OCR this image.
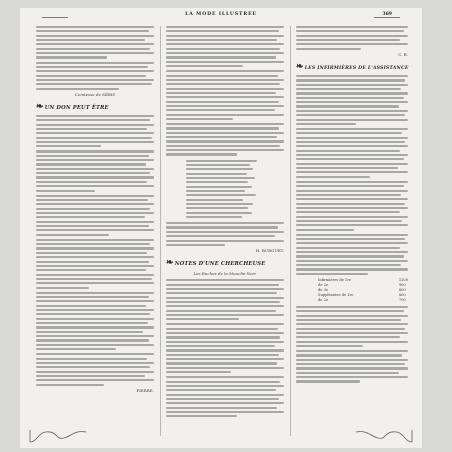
LA MODE ILLUSTRÉE	369
Comtesse de SÉRIS
❧UN DON PEUT ÊTRE
PIERRE.
H. BURGUET.
❧NOTES D'UNE CHERCHEUSE
Les Ruches de la Mouche-Noir.
C. B.
❧LES INFIRMIÈRES DE L'ASSISTANCE
Infirmières de 1re	1200
de 2e	900
de 3e	800
Suppléantes de 1re	800
de 2e	700
